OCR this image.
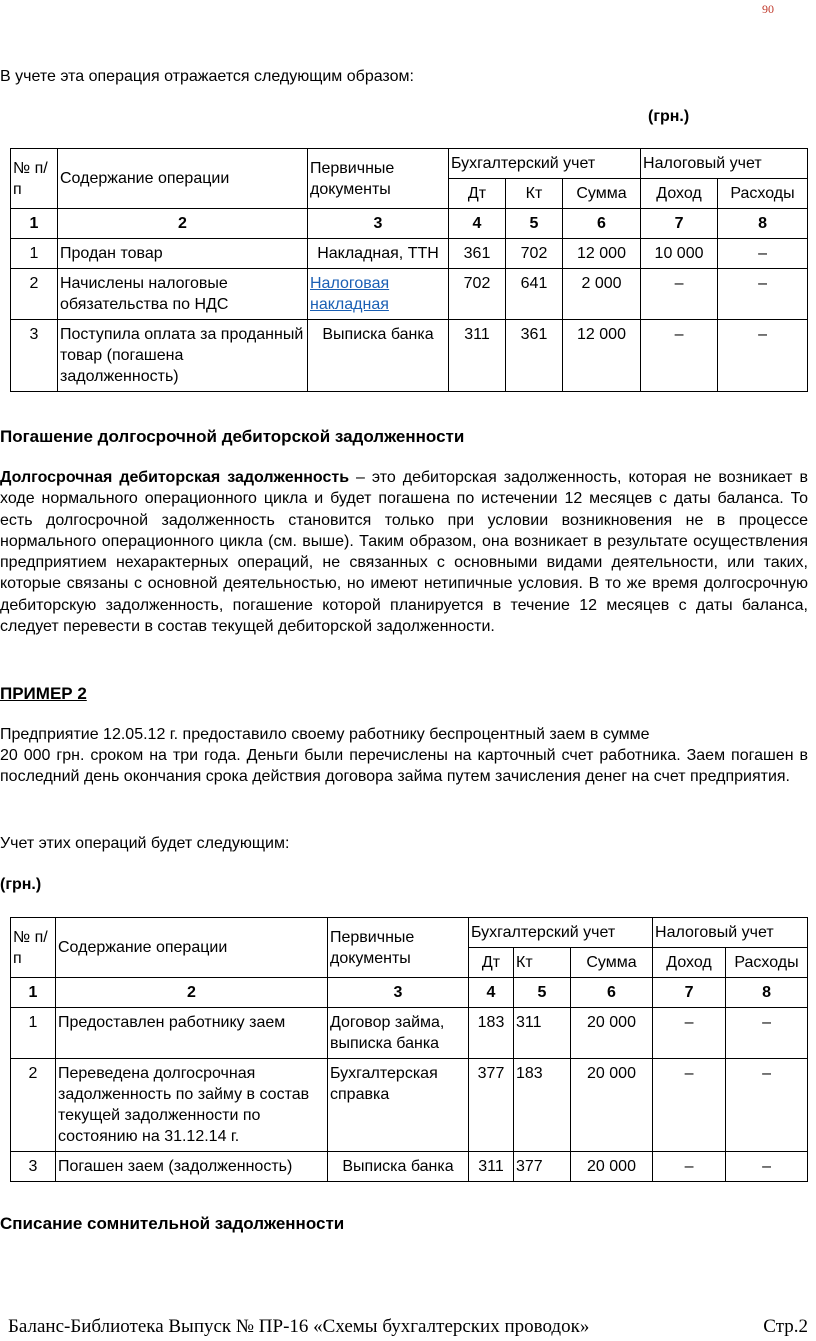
90

В учете эта операция отражается следующим образом:

(грн.)

№ п/п	Содержание операции	Первичные документы	Бухгалтерский учет			Налоговый учет	
			Дт	Кт	Сумма	Доход	Расходы
1	2	3	4	5	6	7	8
1	Продан товар	Накладная, ТТН	361	702	12 000	10 000	–
2	Начислены налоговые обязательства по НДС	Налоговая накладная	702	641	2 000	–	–
3	Поступила оплата за проданный товар (погашена задолженность)	Выписка банка	311	361	12 000	–	–

Погашение долгосрочной дебиторской задолженности

Долгосрочная дебиторская задолженность – это дебиторская задолженность, которая не возникает в ходе нормального операционного цикла и будет погашена по истечении 12 месяцев с даты баланса. То есть долгосрочной задолженность становится только при условии возникновения не в процессе нормального операционного цикла (см. выше). Таким образом, она возникает в результате осуществления предприятием нехарактерных операций, не связанных с основными видами деятельности, или таких, которые связаны с основной деятельностью, но имеют нетипичные условия. В то же время долгосрочную дебиторскую задолженность, погашение которой планируется в течение 12 месяцев с даты баланса, следует перевести в состав текущей дебиторской задолженности.

ПРИМЕР 2

Предприятие 12.05.12 г. предоставило своему работнику беспроцентный заем в сумме

20 000 грн. сроком на три года. Деньги были перечислены на карточный счет работника. Заем погашен в последний день окончания срока действия договора займа путем зачисления денег на счет предприятия.

Учет этих операций будет следующим:

(грн.)

№ п/п	Содержание операции	Первичные документы	Бухгалтерский учет			Налоговый учет	
			Дт	Кт	Сумма	Доход	Расходы
1	2	3	4	5	6	7	8
1	Предоставлен работнику заем	Договор займа, выписка банка	183	311	20 000	–	–
2	Переведена долгосрочная задолженность по займу в состав текущей задолженности по состоянию на 31.12.14 г.	Бухгалтерская справка	377	183	20 000	–	–
3	Погашен заем (задолженность)	Выписка банка	311	377	20 000	–	–

Списание сомнительной задолженности

Баланс-Библиотека Выпуск № ПР-16 «Схемы бухгалтерских проводок»	Стр.2
